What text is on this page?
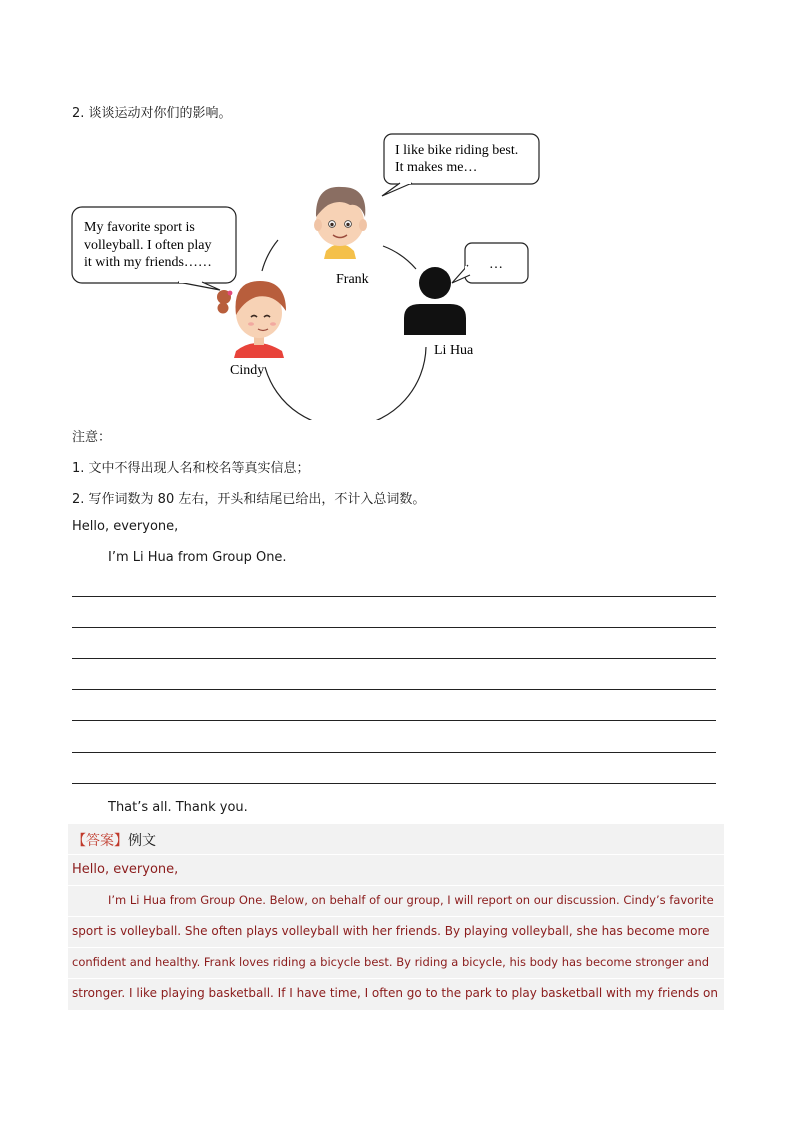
2. 谈谈运动对你们的影响。
I like bike riding best.
It makes me…
My favorite sport is
volleyball. I often play
it with my friends……	…
Frank
Cindy
Li Hua
注意：
1. 文中不得出现人名和校名等真实信息；
2. 写作词数为 80 左右，开头和结尾已给出，不计入总词数。
Hello, everyone,
I’m Li Hua from Group One.
That’s all. Thank you.
【答案】例文
Hello, everyone,
I’m Li Hua from Group One. Below, on behalf of our group, I will report on our discussion. Cindy’s favorite
sport is volleyball. She often plays volleyball with her friends. By playing volleyball, she has become more
confident and healthy. Frank loves riding a bicycle best. By riding a bicycle, his body has become stronger and
stronger. I like playing basketball. If I have time, I often go to the park to play basketball with my friends on
